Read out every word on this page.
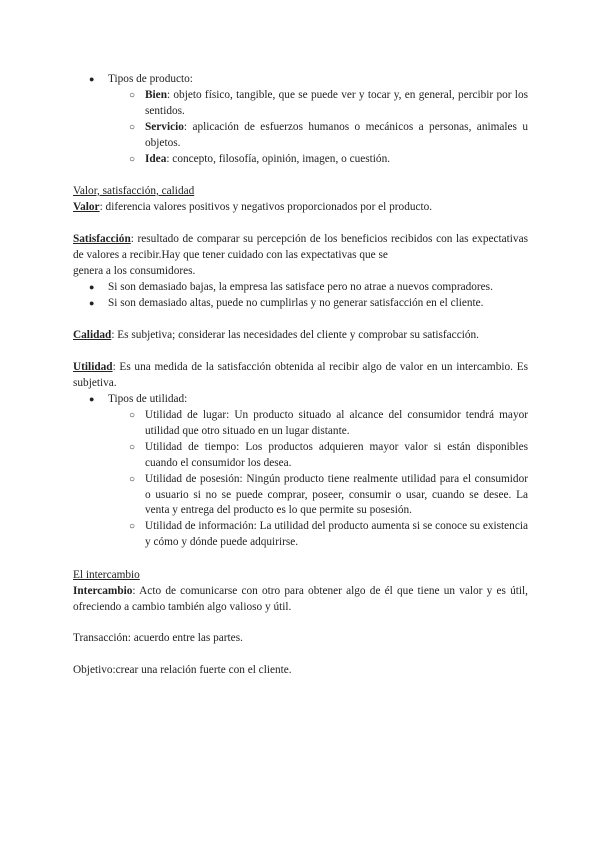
● Tipos de producto:
○ Bien: objeto físico, tangible, que se puede ver y tocar y, en general, percibir por los sentidos.
○ Servicio: aplicación de esfuerzos humanos o mecánicos a personas, animales u objetos.
○ Idea: concepto, filosofía, opinión, imagen, o cuestión.
Valor, satisfacción, calidad
Valor: diferencia valores positivos y negativos proporcionados por el producto.
Satisfacción: resultado de comparar su percepción de los beneficios recibidos con las expectativas de valores a recibir.Hay que tener cuidado con las expectativas que se
genera a los consumidores.
● Si son demasiado bajas, la empresa las satisface pero no atrae a nuevos compradores.
● Si son demasiado altas, puede no cumplirlas y no generar satisfacción en el cliente.
Calidad: Es subjetiva; considerar las necesidades del cliente y comprobar su satisfacción.
Utilidad: Es una medida de la satisfacción obtenida al recibir algo de valor en un intercambio. Es subjetiva.
● Tipos de utilidad:
○ Utilidad de lugar: Un producto situado al alcance del consumidor tendrá mayor utilidad que otro situado en un lugar distante.
○ Utilidad de tiempo: Los productos adquieren mayor valor si están disponibles cuando el consumidor los desea.
○ Utilidad de posesión: Ningún producto tiene realmente utilidad para el consumidor o usuario si no se puede comprar, poseer, consumir o usar, cuando se desee. La venta y entrega del producto es lo que permite su posesión.
○ Utilidad de información: La utilidad del producto aumenta si se conoce su existencia y cómo y dónde puede adquirirse.
El intercambio
Intercambio: Acto de comunicarse con otro para obtener algo de él que tiene un valor y es útil, ofreciendo a cambio también algo valioso y útil.
Transacción: acuerdo entre las partes.
Objetivo:crear una relación fuerte con el cliente.
